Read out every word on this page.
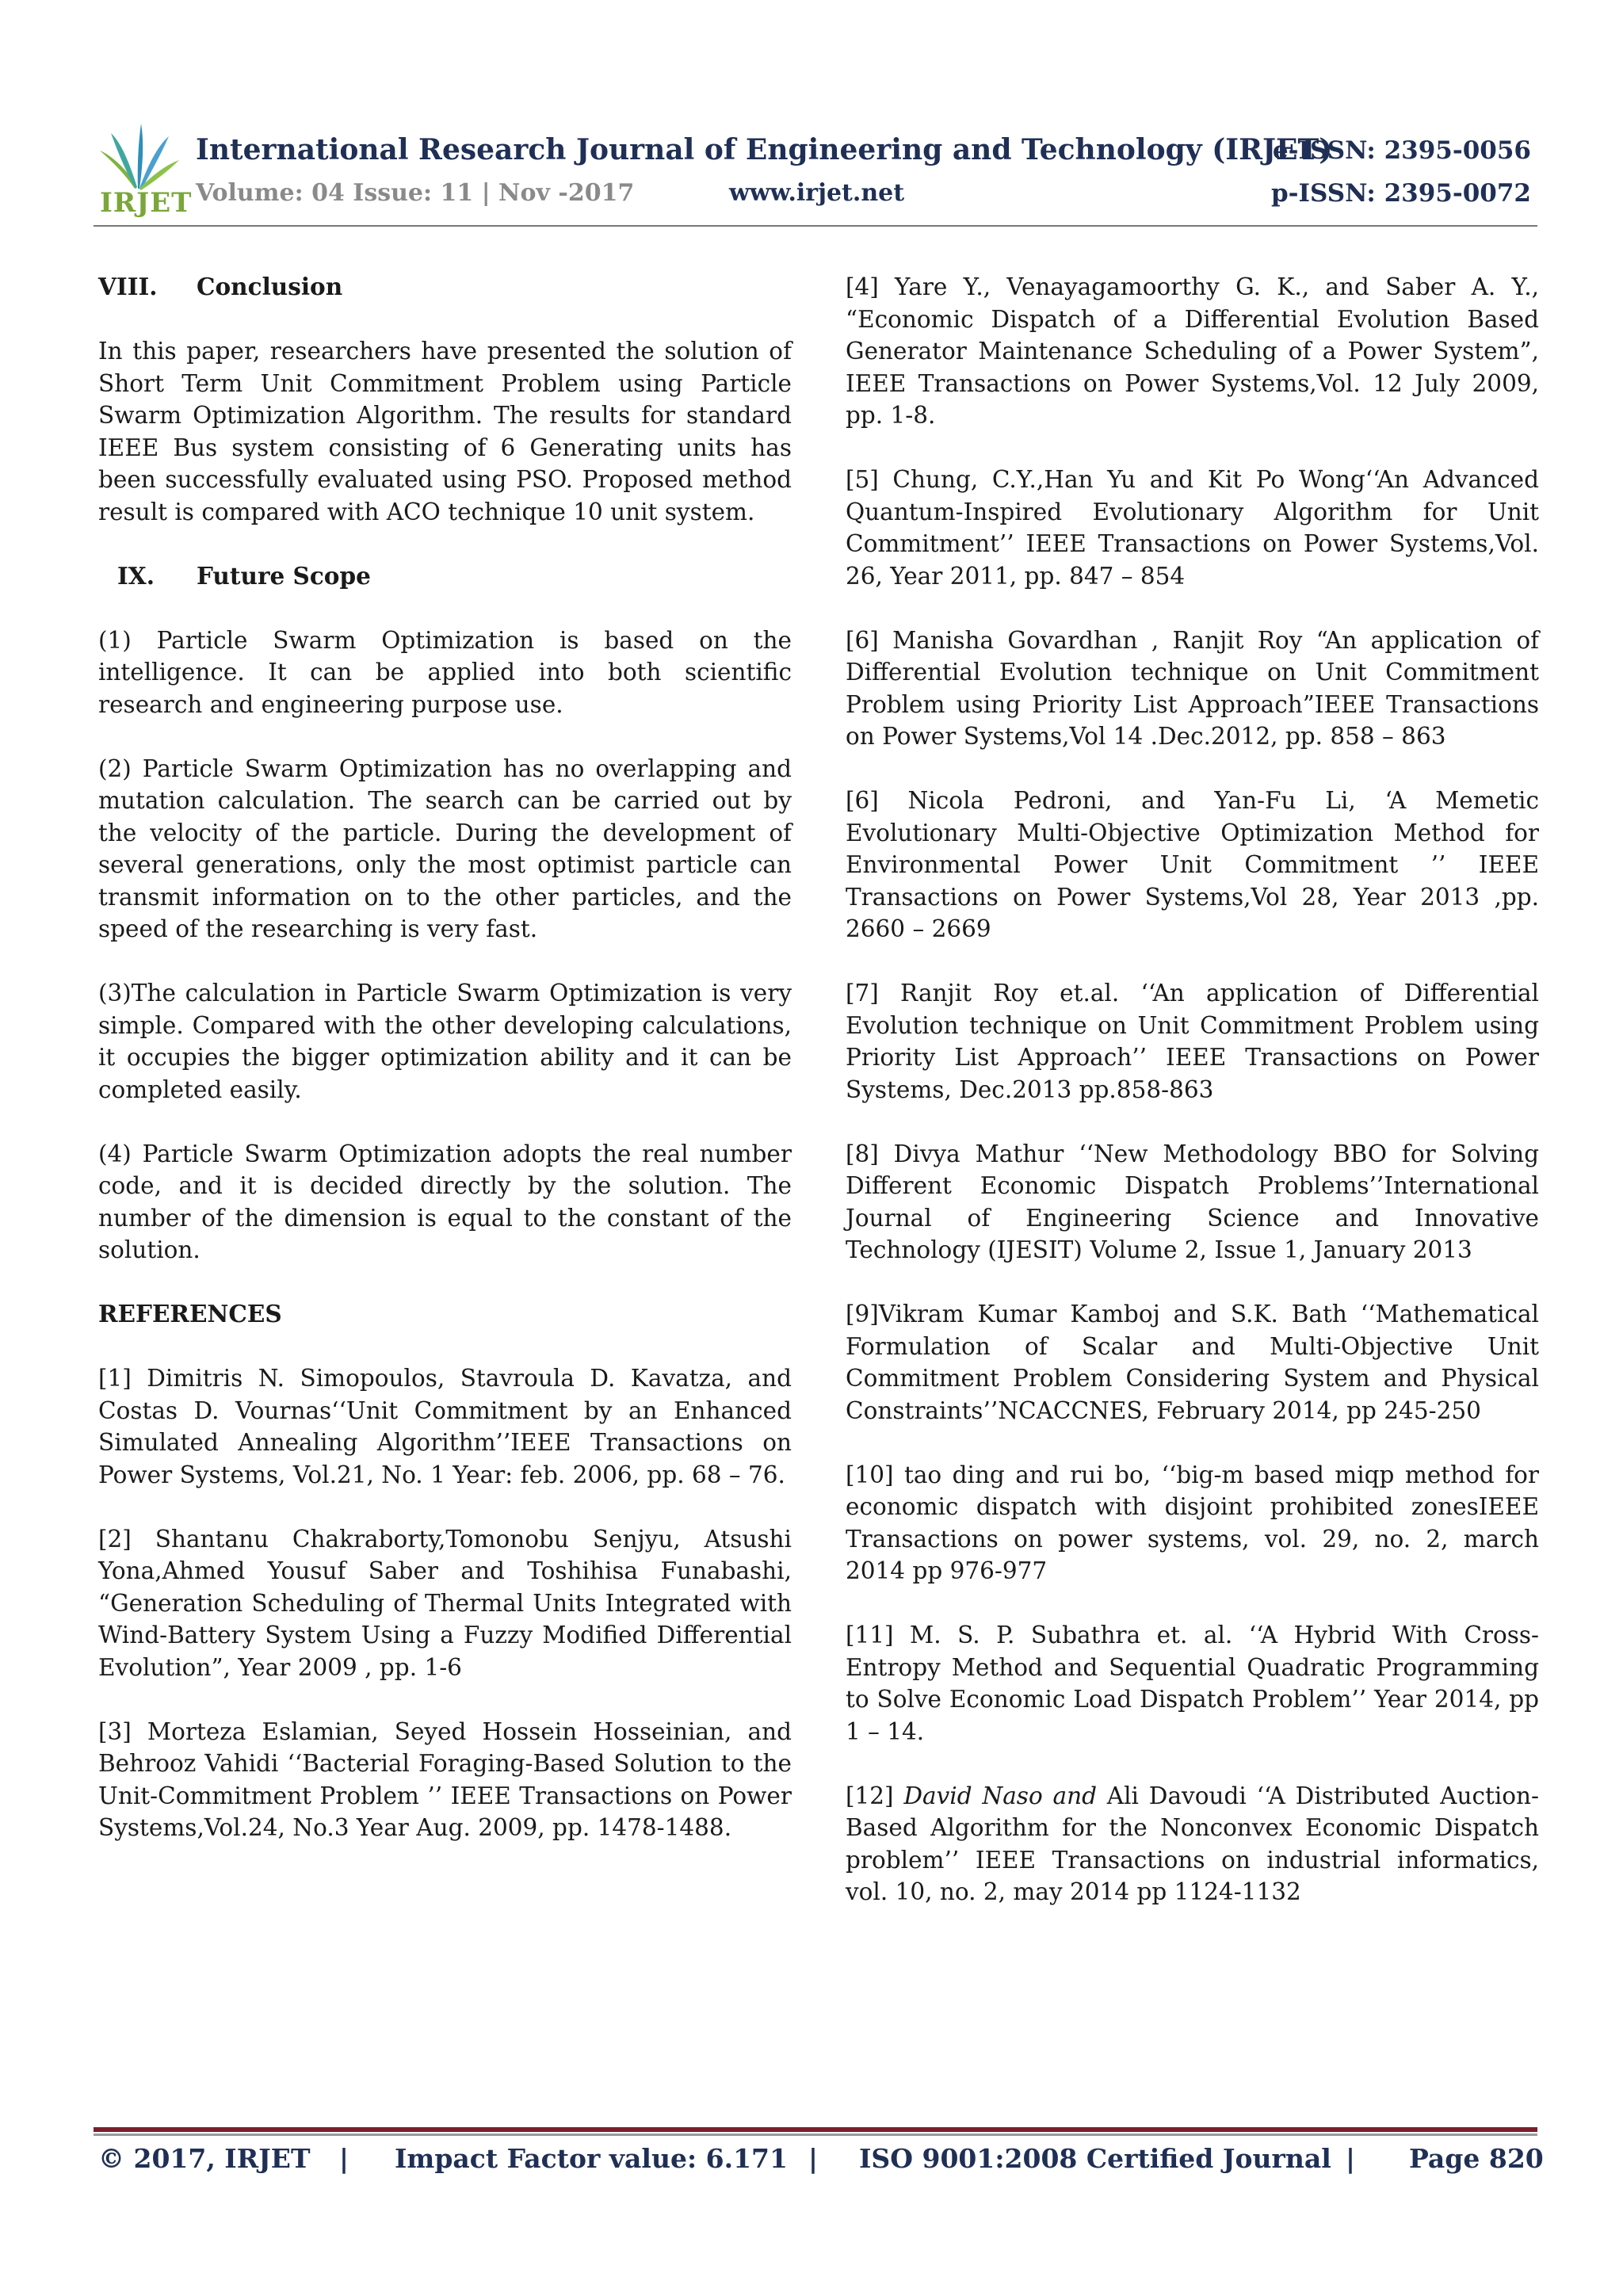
IRJET
International Research Journal of Engineering and Technology (IRJET)
e-ISSN: 2395-0056
Volume: 04 Issue: 11 | Nov -2017	www.irjet.net	p-ISSN: 2395-0072
VIII. Conclusion

In this paper, researchers have presented the solution of Short Term Unit Commitment Problem using Particle Swarm Optimization Algorithm. The results for standard IEEE Bus system consisting of 6 Generating units has been successfully evaluated using PSO. Proposed method result is compared with ACO technique 10 unit system.

IX. Future Scope

(1) Particle Swarm Optimization is based on the intelligence. It can be applied into both scientific research and engineering purpose use.

(2) Particle Swarm Optimization has no overlapping and mutation calculation. The search can be carried out by the velocity of the particle. During the development of several generations, only the most optimist particle can transmit information on to the other particles, and the speed of the researching is very fast.

(3)The calculation in Particle Swarm Optimization is very simple. Compared with the other developing calculations, it occupies the bigger optimization ability and it can be completed easily.

(4) Particle Swarm Optimization adopts the real number code, and it is decided directly by the solution. The number of the dimension is equal to the constant of the solution.

REFERENCES

[1] Dimitris N. Simopoulos, Stavroula D. Kavatza, and Costas D. Vournas‘‘Unit Commitment by an Enhanced Simulated Annealing Algorithm’’IEEE Transactions on Power Systems, Vol.21, No. 1 Year: feb. 2006, pp. 68 – 76.

[2] Shantanu Chakraborty,Tomonobu Senjyu, Atsushi Yona,Ahmed Yousuf Saber and Toshihisa Funabashi, “Generation Scheduling of Thermal Units Integrated with Wind-Battery System Using a Fuzzy Modified Differential Evolution”, Year 2009 , pp. 1-6

[3] Morteza Eslamian, Seyed Hossein Hosseinian, and Behrooz Vahidi ‘‘Bacterial Foraging-Based Solution to the Unit-Commitment Problem ’’ IEEE Transactions on Power Systems,Vol.24, No.3 Year Aug. 2009, pp. 1478-1488.

[4] Yare Y., Venayagamoorthy G. K., and Saber A. Y., “Economic Dispatch of a Differential Evolution Based Generator Maintenance Scheduling of a Power System”, IEEE Transactions on Power Systems,Vol. 12 July 2009, pp. 1-8.

[5] Chung, C.Y.,Han Yu and Kit Po Wong‘‘An Advanced Quantum-Inspired Evolutionary Algorithm for Unit Commitment’’ IEEE Transactions on Power Systems,Vol. 26, Year 2011, pp. 847 – 854

[6] Manisha Govardhan , Ranjit Roy “An application of Differential Evolution technique on Unit Commitment Problem using Priority List Approach”IEEE Transactions on Power Systems,Vol 14 .Dec.2012, pp. 858 – 863

[6] Nicola Pedroni, and Yan-Fu Li, ‘A Memetic Evolutionary Multi-Objective Optimization Method for Environmental Power Unit Commitment ’’ IEEE Transactions on Power Systems,Vol 28, Year 2013 ,pp. 2660 – 2669

[7] Ranjit Roy et.al. ‘‘An application of Differential Evolution technique on Unit Commitment Problem using Priority List Approach’’ IEEE Transactions on Power Systems, Dec.2013 pp.858-863

[8] Divya Mathur ‘‘New Methodology BBO for Solving Different Economic Dispatch Problems’’International Journal of Engineering Science and Innovative Technology (IJESIT) Volume 2, Issue 1, January 2013

[9]Vikram Kumar Kamboj and S.K. Bath ‘‘Mathematical Formulation of Scalar and Multi-Objective Unit Commitment Problem Considering System and Physical Constraints’’NCACCNES, February 2014, pp 245-250

[10] tao ding and rui bo, ‘‘big-m based miqp method for economic dispatch with disjoint prohibited zonesIEEE Transactions on power systems, vol. 29, no. 2, march 2014 pp 976-977

[11] M. S. P. Subathra et. al. ‘‘A Hybrid With Cross-Entropy Method and Sequential Quadratic Programming to Solve Economic Load Dispatch Problem’’ Year 2014, pp 1 – 14.

[12] David Naso and Ali Davoudi ‘‘A Distributed Auction-Based Algorithm for the Nonconvex Economic Dispatch problem’’ IEEE Transactions on industrial informatics, vol. 10, no. 2, may 2014 pp 1124-1132

© 2017, IRJET | Impact Factor value: 6.171 | ISO 9001:2008 Certified Journal | Page 820
